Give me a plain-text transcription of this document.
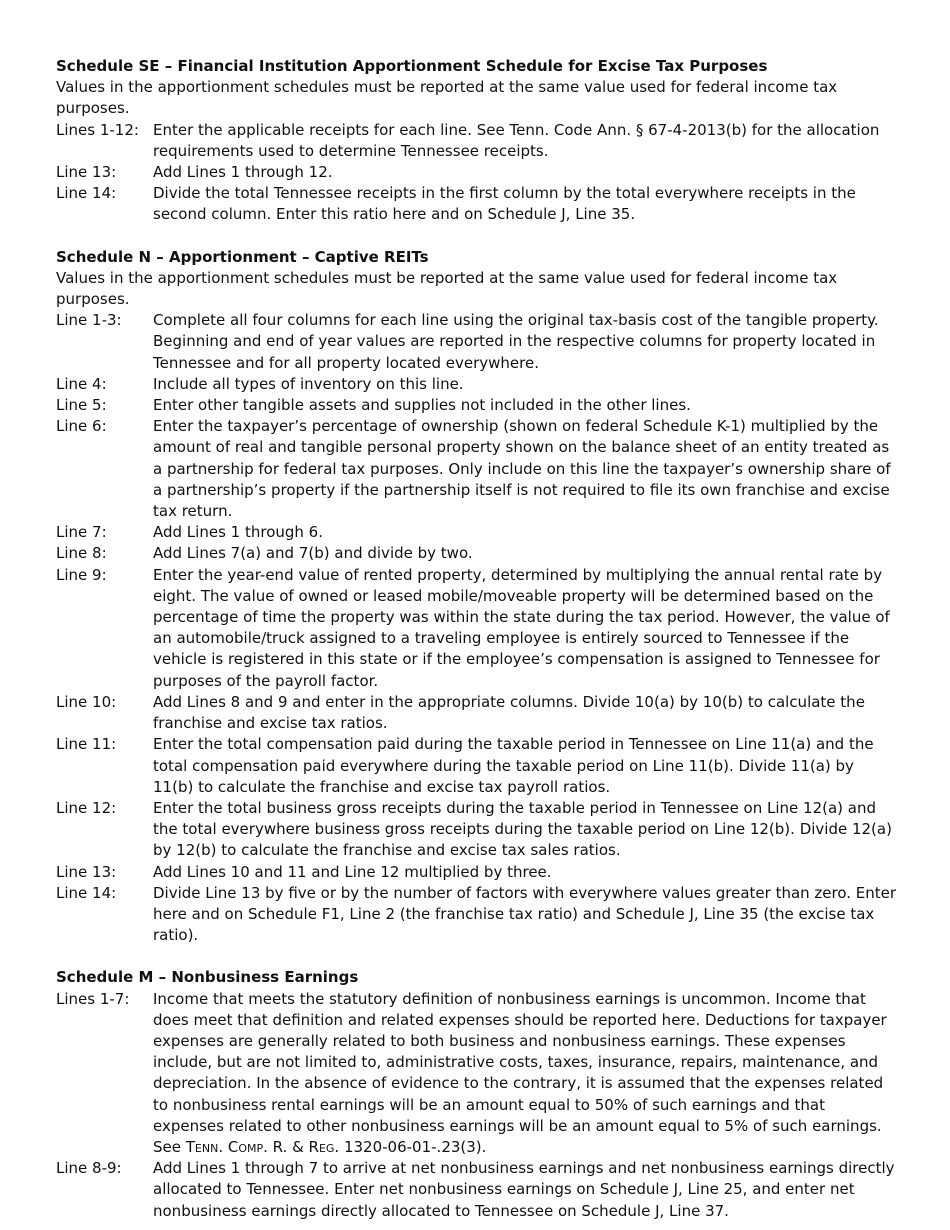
Schedule SE – Financial Institution Apportionment Schedule for Excise Tax Purposes

Values in the apportionment schedules must be reported at the same value used for federal income tax purposes.

Lines 1-12: Enter the applicable receipts for each line. See Tenn. Code Ann. § 67-4-2013(b) for the allocation requirements used to determine Tennessee receipts.
Line 13:	Add Lines 1 through 12.
Line 14:	Divide the total Tennessee receipts in the first column by the total everywhere receipts in the second column. Enter this ratio here and on Schedule J, Line 35.

Schedule N – Apportionment – Captive REITs

Values in the apportionment schedules must be reported at the same value used for federal income tax purposes.

Line 1-3:	Complete all four columns for each line using the original tax-basis cost of the tangible property. Beginning and end of year values are reported in the respective columns for property located in Tennessee and for all property located everywhere.
Line 4:	Include all types of inventory on this line.
Line 5:	Enter other tangible assets and supplies not included in the other lines.
Line 6:	Enter the taxpayer’s percentage of ownership (shown on federal Schedule K-1) multiplied by the amount of real and tangible personal property shown on the balance sheet of an entity treated as a partnership for federal tax purposes. Only include on this line the taxpayer’s ownership share of a partnership’s property if the partnership itself is not required to file its own franchise and excise tax return.
Line 7:	Add Lines 1 through 6.
Line 8:	Add Lines 7(a) and 7(b) and divide by two.
Line 9:	Enter the year-end value of rented property, determined by multiplying the annual rental rate by eight. The value of owned or leased mobile/moveable property will be determined based on the percentage of time the property was within the state during the tax period. However, the value of an automobile/truck assigned to a traveling employee is entirely sourced to Tennessee if the vehicle is registered in this state or if the employee’s compensation is assigned to Tennessee for purposes of the payroll factor.
Line 10:	Add Lines 8 and 9 and enter in the appropriate columns. Divide 10(a) by 10(b) to calculate the franchise and excise tax ratios.
Line 11:	Enter the total compensation paid during the taxable period in Tennessee on Line 11(a) and the total compensation paid everywhere during the taxable period on Line 11(b). Divide 11(a) by 11(b) to calculate the franchise and excise tax payroll ratios.
Line 12:	Enter the total business gross receipts during the taxable period in Tennessee on Line 12(a) and the total everywhere business gross receipts during the taxable period on Line 12(b). Divide 12(a) by 12(b) to calculate the franchise and excise tax sales ratios.
Line 13:	Add Lines 10 and 11 and Line 12 multiplied by three.
Line 14:	Divide Line 13 by five or by the number of factors with everywhere values greater than zero. Enter here and on Schedule F1, Line 2 (the franchise tax ratio) and Schedule J, Line 35 (the excise tax ratio).

Schedule M – Nonbusiness Earnings

Lines 1-7:	Income that meets the statutory definition of nonbusiness earnings is uncommon. Income that does meet that definition and related expenses should be reported here. Deductions for taxpayer expenses are generally related to both business and nonbusiness earnings. These expenses include, but are not limited to, administrative costs, taxes, insurance, repairs, maintenance, and depreciation. In the absence of evidence to the contrary, it is assumed that the expenses related to nonbusiness rental earnings will be an amount equal to 50% of such earnings and that expenses related to other nonbusiness earnings will be an amount equal to 5% of such earnings. See Tenn. Comp. R. & Reg. 1320-06-01-.23(3).
Line 8-9:	Add Lines 1 through 7 to arrive at net nonbusiness earnings and net nonbusiness earnings directly allocated to Tennessee. Enter net nonbusiness earnings on Schedule J, Line 25, and enter net nonbusiness earnings directly allocated to Tennessee on Schedule J, Line 37.
